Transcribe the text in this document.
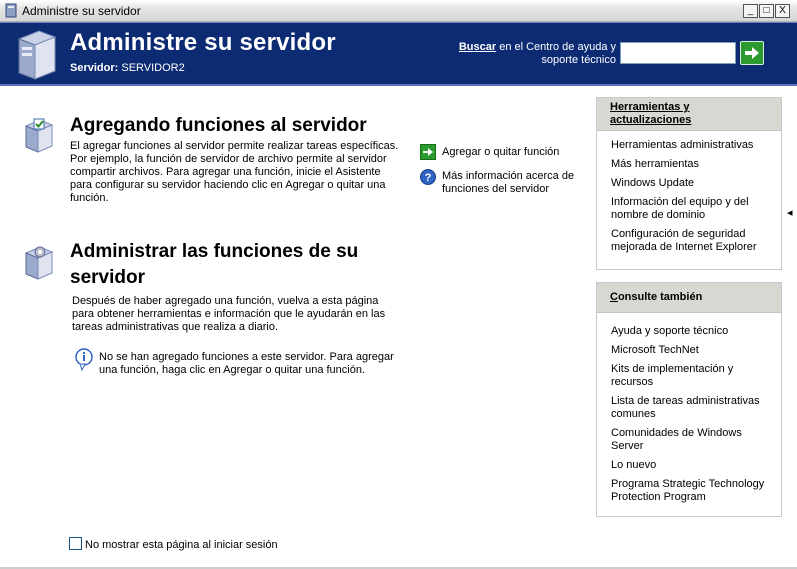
Administre su servidor	_	□ X
Administre su servidor
Servidor: SERVIDOR2
Buscar en el Centro de ayuda y soporte técnico
Agregando funciones al servidor
El agregar funciones al servidor permite realizar tareas específicas. Por ejemplo, la función de servidor de archivo permite al servidor compartir archivos. Para agregar una función, inicie el Asistente para configurar su servidor haciendo clic en Agregar o quitar una función.
Agregar o quitar función
? Más información acerca de funciones del servidor
Administrar las funciones de su servidor
Después de haber agregado una función, vuelva a esta página para obtener herramientas e información que le ayudarán en las tareas administrativas que realiza a diario.
No se han agregado funciones a este servidor. Para agregar una función, haga clic en Agregar o quitar una función.
No mostrar esta página al iniciar sesión
Herramientas y actualizaciones
Herramientas administrativas
Más herramientas
Windows Update
Información del equipo y del nombre de dominio
Configuración de seguridad mejorada de Internet Explorer
Consulte también
Ayuda y soporte técnico
Microsoft TechNet
Kits de implementación y recursos
Lista de tareas administrativas comunes
Comunidades de Windows Server
Lo nuevo
Programa Strategic Technology Protection Program
◂
